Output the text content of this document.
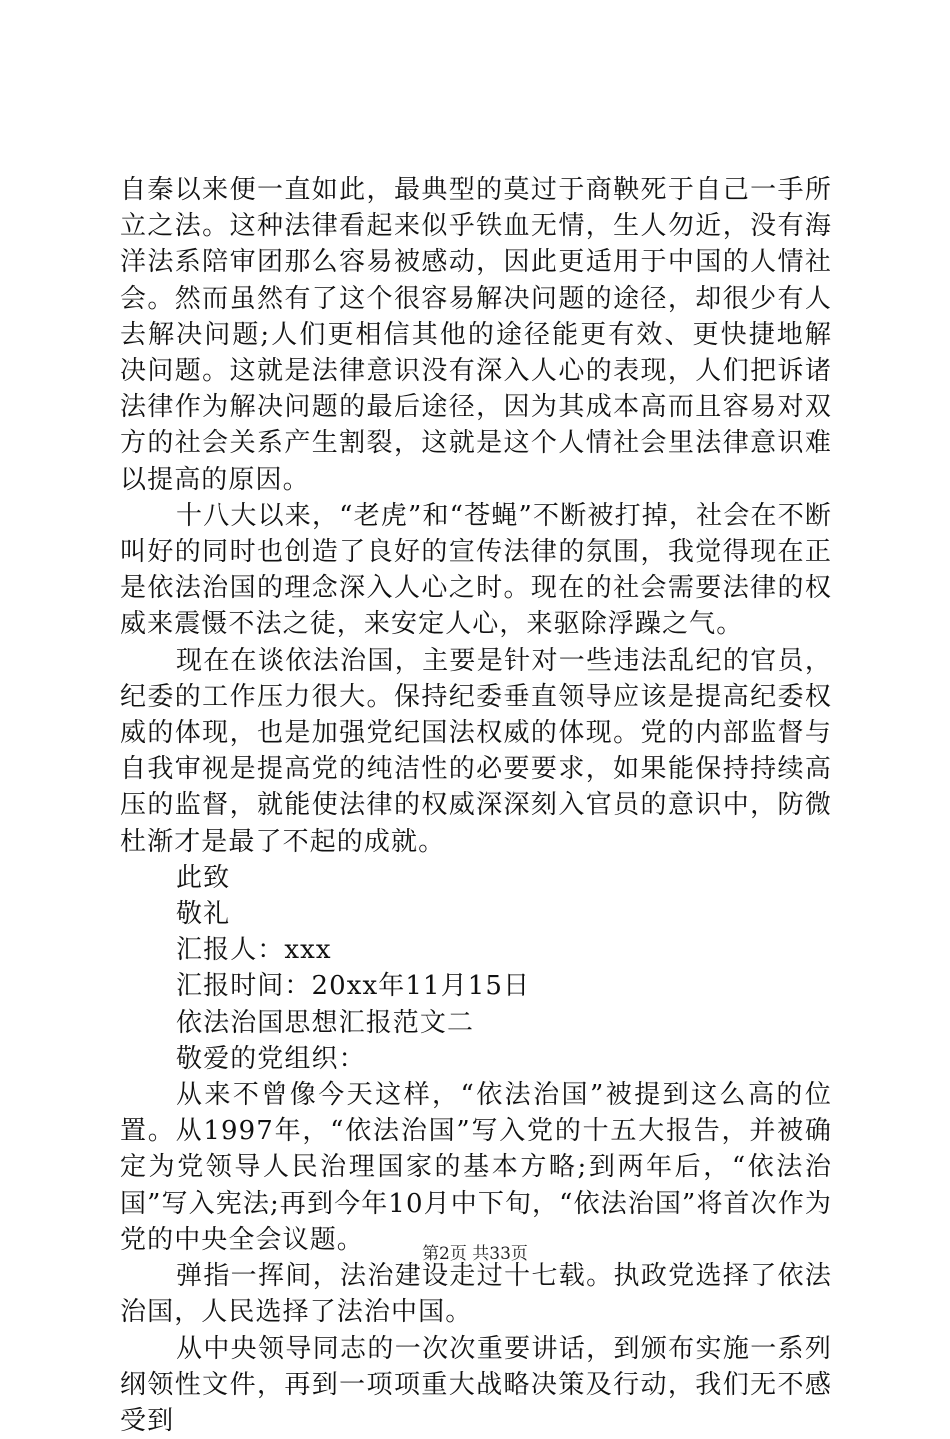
自秦以来便一直如此，最典型的莫过于商鞅死于自己一手所立之法。这种法律看起来似乎铁血无情，生人勿近，没有海洋法系陪审团那么容易被感动，因此更适用于中国的人情社会。然而虽然有了这个很容易解决问题的途径，却很少有人去解决问题;人们更相信其他的途径能更有效、更快捷地解决问题。这就是法律意识没有深入人心的表现，人们把诉诸法律作为解决问题的最后途径，因为其成本高而且容易对双方的社会关系产生割裂，这就是这个人情社会里法律意识难以提高的原因。

十八大以来，“老虎”和“苍蝇”不断被打掉，社会在不断叫好的同时也创造了良好的宣传法律的氛围，我觉得现在正是依法治国的理念深入人心之时。现在的社会需要法律的权威来震慑不法之徒，来安定人心，来驱除浮躁之气。

现在在谈依法治国，主要是针对一些违法乱纪的官员，纪委的工作压力很大。保持纪委垂直领导应该是提高纪委权威的体现，也是加强党纪国法权威的体现。党的内部监督与自我审视是提高党的纯洁性的必要要求，如果能保持持续高压的监督，就能使法律的权威深深刻入官员的意识中，防微杜渐才是最了不起的成就。

此致

敬礼

汇报人：xxx

汇报时间：20xx年11月15日

依法治国思想汇报范文二

敬爱的党组织：

从来不曾像今天这样，“依法治国”被提到这么高的位置。从1997年，“依法治国”写入党的十五大报告，并被确定为党领导人民治理国家的基本方略;到两年后，“依法治国”写入宪法;再到今年10月中下旬，“依法治国”将首次作为党的中央全会议题。

弹指一挥间，法治建设走过十七载。执政党选择了依法治国，人民选择了法治中国。

从中央领导同志的一次次重要讲话，到颁布实施一系列纲领性文件，再到一项项重大战略决策及行动，我们无不感受到

第2页 共33页
